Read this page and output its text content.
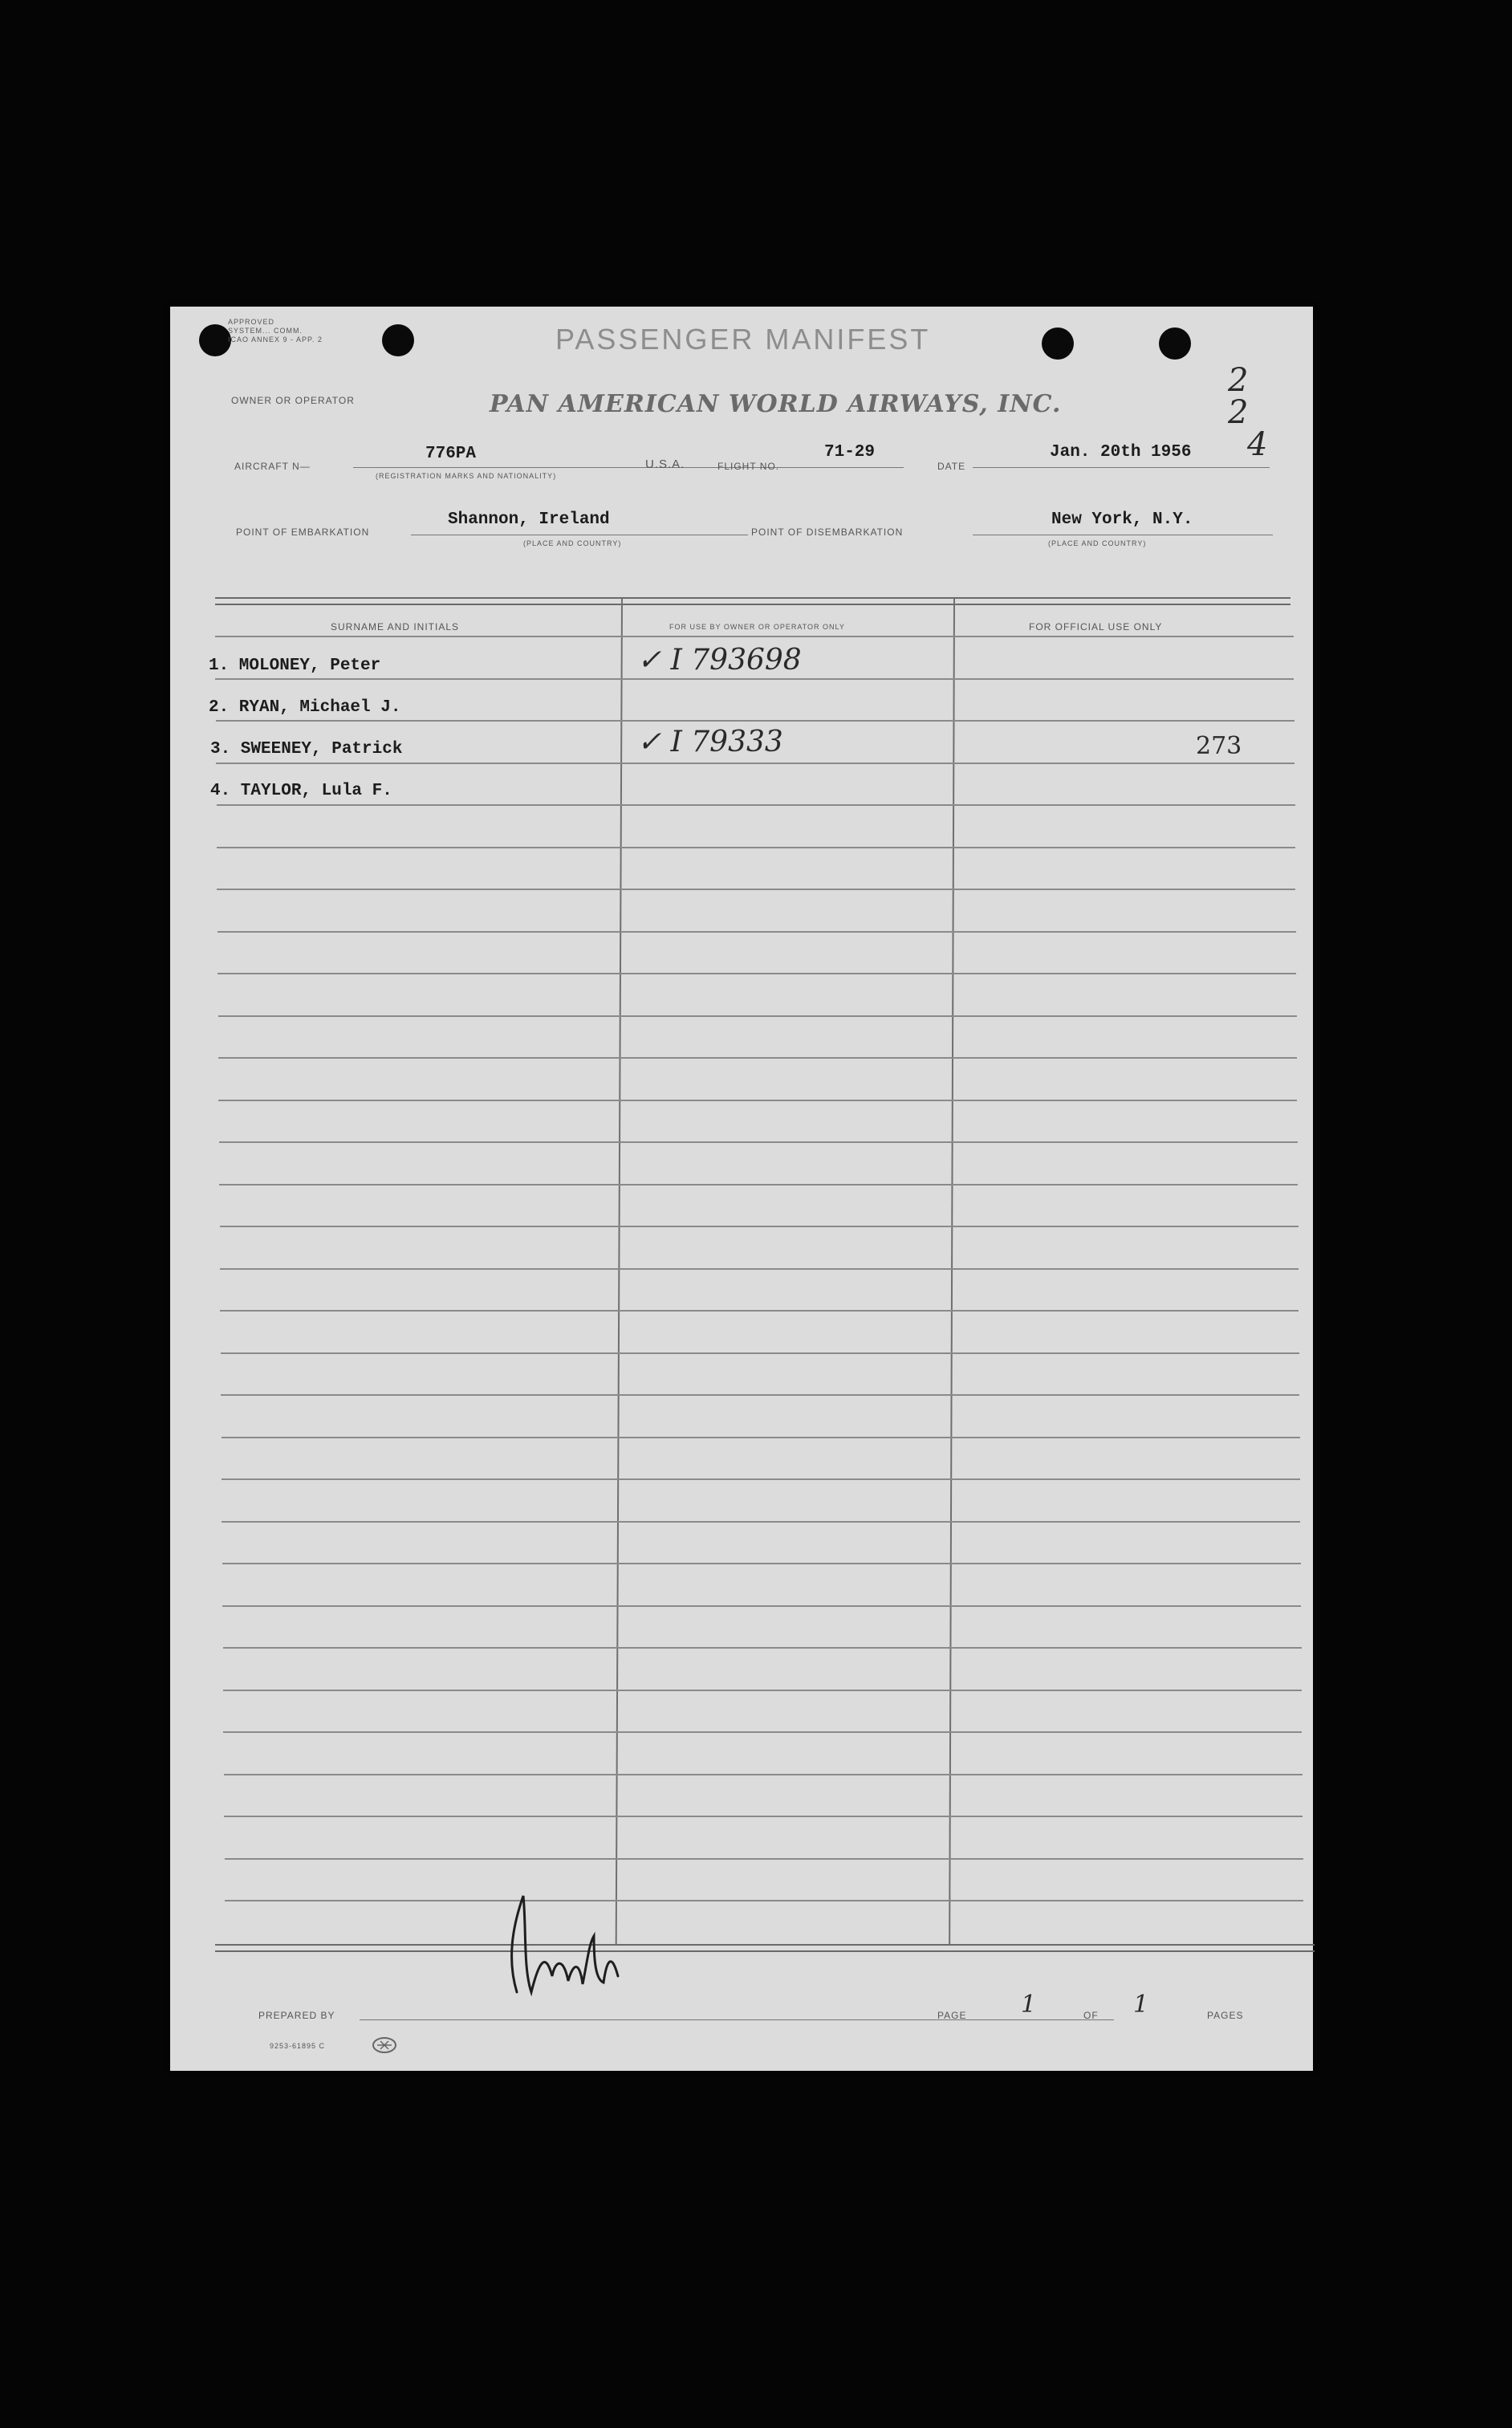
APPROVED
SYSTEM... COMM.
ICAO ANNEX 9 - APP. 2	PASSENGER MANIFEST
OWNER OR OPERATOR	PAN AMERICAN WORLD AIRWAYS, INC.
2
2
4
AIRCRAFT N—
776PA
(REGISTRATION MARKS AND NATIONALITY)
U.S.A.	FLIGHT NO.
71-29
DATE
Jan. 20th 1956
POINT OF EMBARKATION
Shannon, Ireland
(PLACE AND COUNTRY)
POINT OF DISEMBARKATION
New York, N.Y.
(PLACE AND COUNTRY)
SURNAME AND INITIALS	FOR USE BY OWNER OR OPERATOR ONLY	FOR OFFICIAL USE ONLY
1. MOLONEY, Peter	✓ I 793698
2. RYAN, Michael J.
3. SWEENEY, Patrick	✓ I 79333	273
4. TAYLOR, Lula F.
PREPARED BY	PAGE 1	OF 1	PAGES
9253-61895 C
